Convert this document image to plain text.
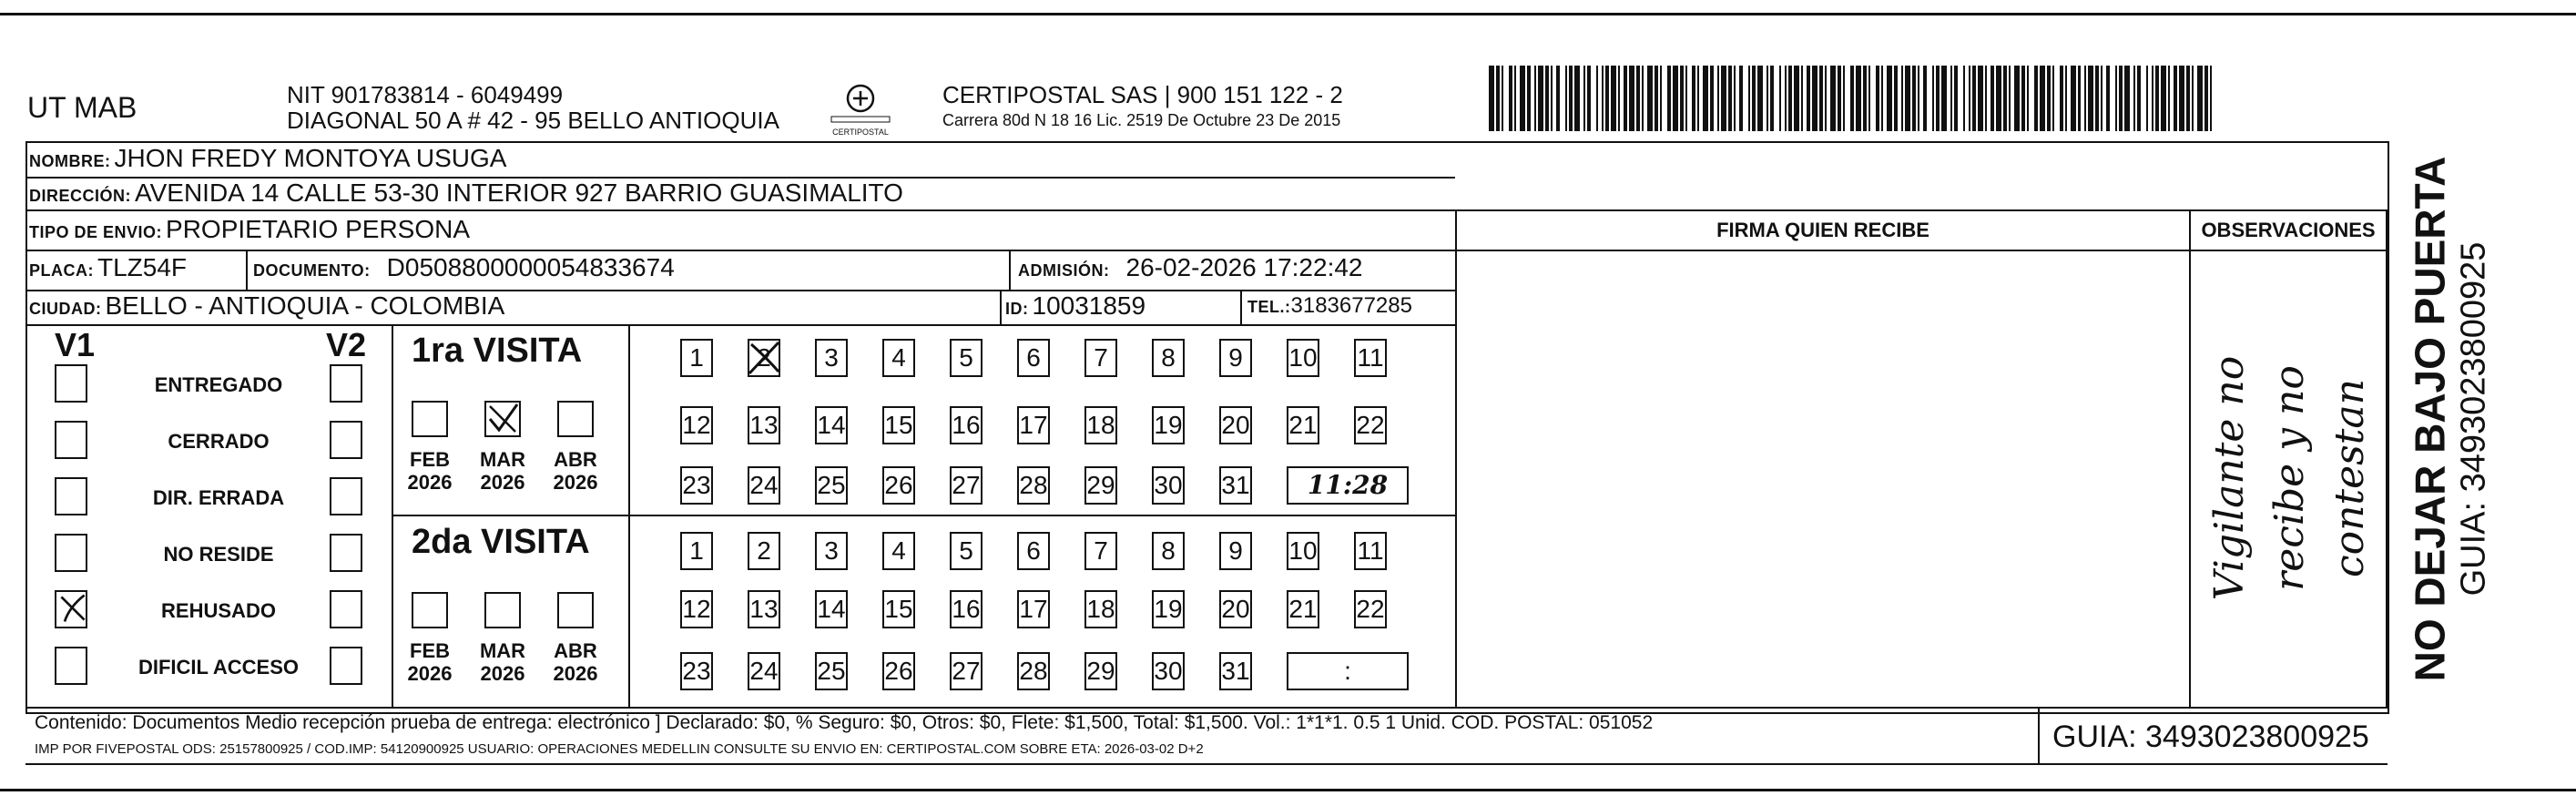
UT MAB	NIT 901783814 - 6049499
DIAGONAL 50 A # 42 - 95 BELLO ANTIOQUIA	CERTIPOSTAL
CERTIPOSTAL SAS | 900 151 122 - 2
Carrera 80d N 18 16 Lic. 2519 De Octubre 23 De 2015
NOMBRE: JHON FREDY MONTOYA USUGA
DIRECCIÓN: AVENIDA 14 CALLE 53-30 INTERIOR 927 BARRIO GUASIMALITO
TIPO DE ENVIO: PROPIETARIO PERSONA
PLACA: TLZ54F	DOCUMENTO: D0508800000054833674	ADMISIÓN: 26-02-2026 17:22:42
CIUDAD: BELLO - ANTIOQUIA - COLOMBIA	ID: 10031859	TEL.:3183677285
FIRMA QUIEN RECIBE	OBSERVACIONES
V1	V2 1ra VISITA
2da VISITA	Vigilante no recibe y no contestan NO DEJAR BAJO PUERTA GUIA: 3493023800925
Contenido: Documentos Medio recepción prueba de entrega: electrónico ] Declarado: $0, % Seguro: $0, Otros: $0, Flete: $1,500, Total: $1,500. Vol.: 1*1*1. 0.5 1 Unid. COD. POSTAL: 051052
IMP POR FIVEPOSTAL ODS: 25157800925 / COD.IMP: 54120900925 USUARIO: OPERACIONES MEDELLIN CONSULTE SU ENVIO EN: CERTIPOSTAL.COM SOBRE ETA: 2026-03-02 D+2	GUIA: 3493023800925
ENTREGADO
CERRADO
DIR. ERRADA
NO RESIDE
REHUSADO
DIFICIL ACCESO
FEB
2026
MAR
2026
ABR
2026
FEB
2026
MAR
2026
ABR
2026
1	2	3	4	5	6	7	8	9	10 11
12 13 14 15 16 17 18 19 20 21 22
23 24 25 26 27 28 29 30 31	11:28
1	2	3	4	5	6	7	8	9	10 11
12 13 14 15 16 17 18 19 20 21 22
23 24 25 26 27 28 29 30 31	:
